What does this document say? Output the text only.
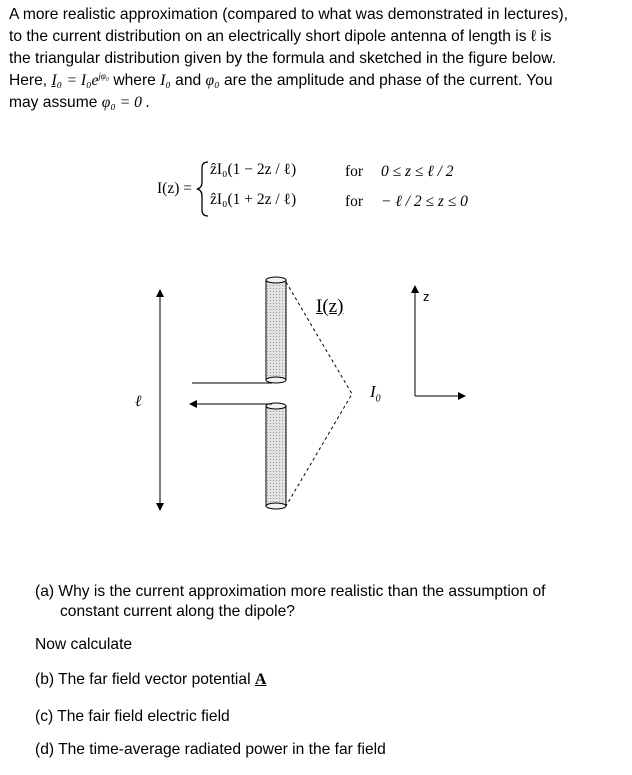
A more realistic approximation (compared to what was demonstrated in lectures),

to the current distribution on an electrically short dipole antenna of length is ℓ is

the triangular distribution given by the formula and sketched in the figure below.

Here, $I_0 = I_0e^{j\varphi_0}$ where I₀ and φ₀ are the amplitude and phase of the current. You

may assume φ₀ = 0 .

I(z) =
ẑI₀(1 − 2z / ℓ)
ẑI₀(1 + 2z / ℓ)
for 0 ≤ z ≤ ℓ / 2
for − ℓ / 2 ≤ z ≤ 0
ℓ
I(z)
$I_0$
z
(a) Why is the current approximation more realistic than the assumption of
constant current along the dipole?
Now calculate
(b) The far field vector potential A
(c) The fair field electric field
(d) The time-average radiated power in the far field
